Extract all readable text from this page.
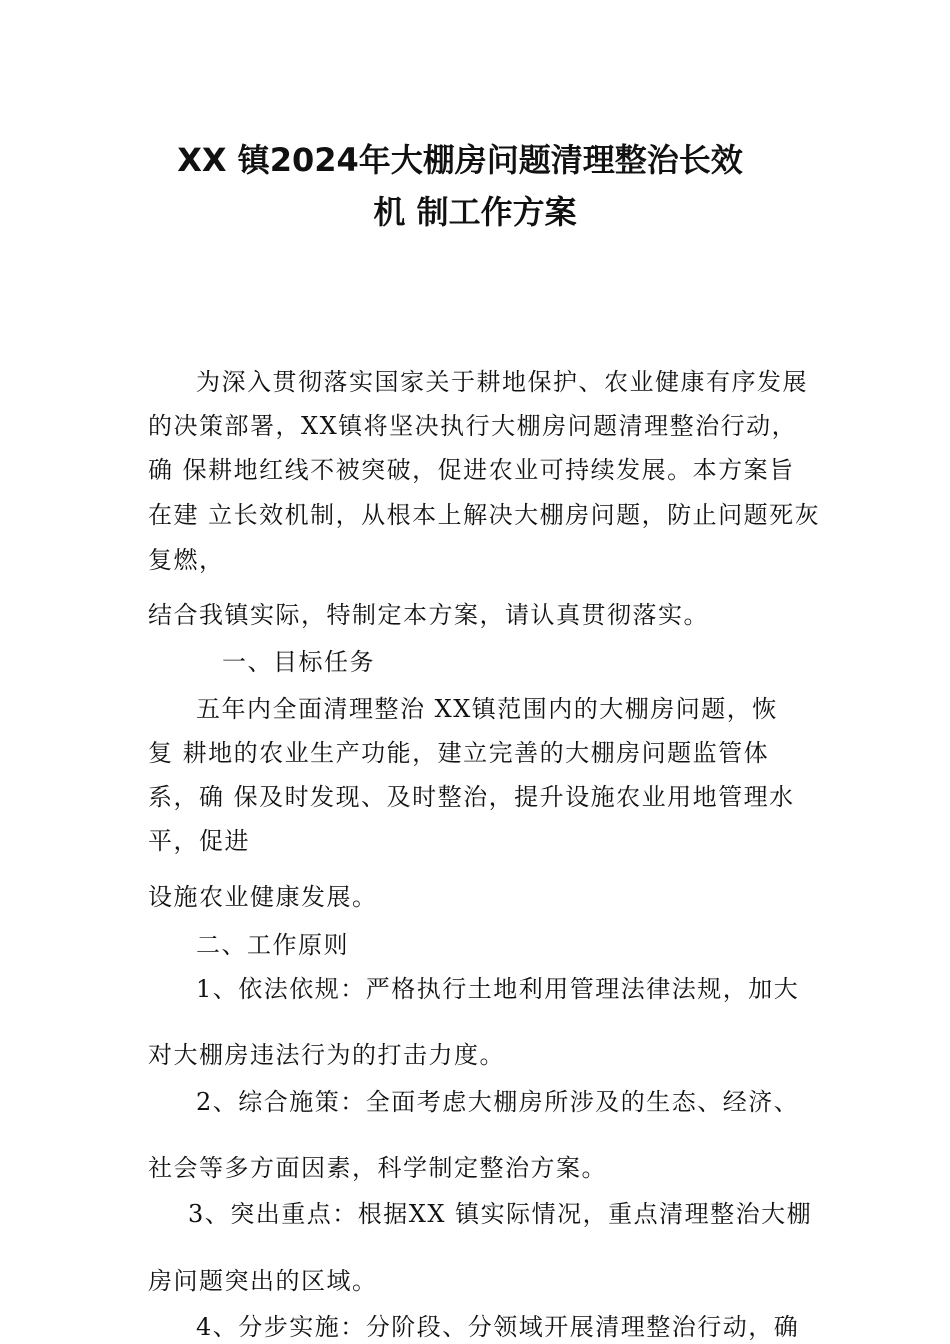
XX 镇2024年大棚房问题清理整治长效
机 制工作方案
为深入贯彻落实国家关于耕地保护、农业健康有序发展
的决策部署，XX镇将坚决执行大棚房问题清理整治行动，
确 保耕地红线不被突破，促进农业可持续发展。本方案旨
在建 立长效机制，从根本上解决大棚房问题，防止问题死灰
复燃，
结合我镇实际，特制定本方案，请认真贯彻落实。
一、目标任务
五年内全面清理整治 XX镇范围内的大棚房问题，恢
复 耕地的农业生产功能，建立完善的大棚房问题监管体
系，确 保及时发现、及时整治，提升设施农业用地管理水
平，促进
设施农业健康发展。
二、工作原则
1、依法依规：严格执行土地利用管理法律法规，加大
对大棚房违法行为的打击力度。
2、综合施策：全面考虑大棚房所涉及的生态、经济、
社会等多方面因素，科学制定整治方案。
3、突出重点：根据XX 镇实际情况，重点清理整治大棚
房问题突出的区域。
4、分步实施：分阶段、分领域开展清理整治行动，确
